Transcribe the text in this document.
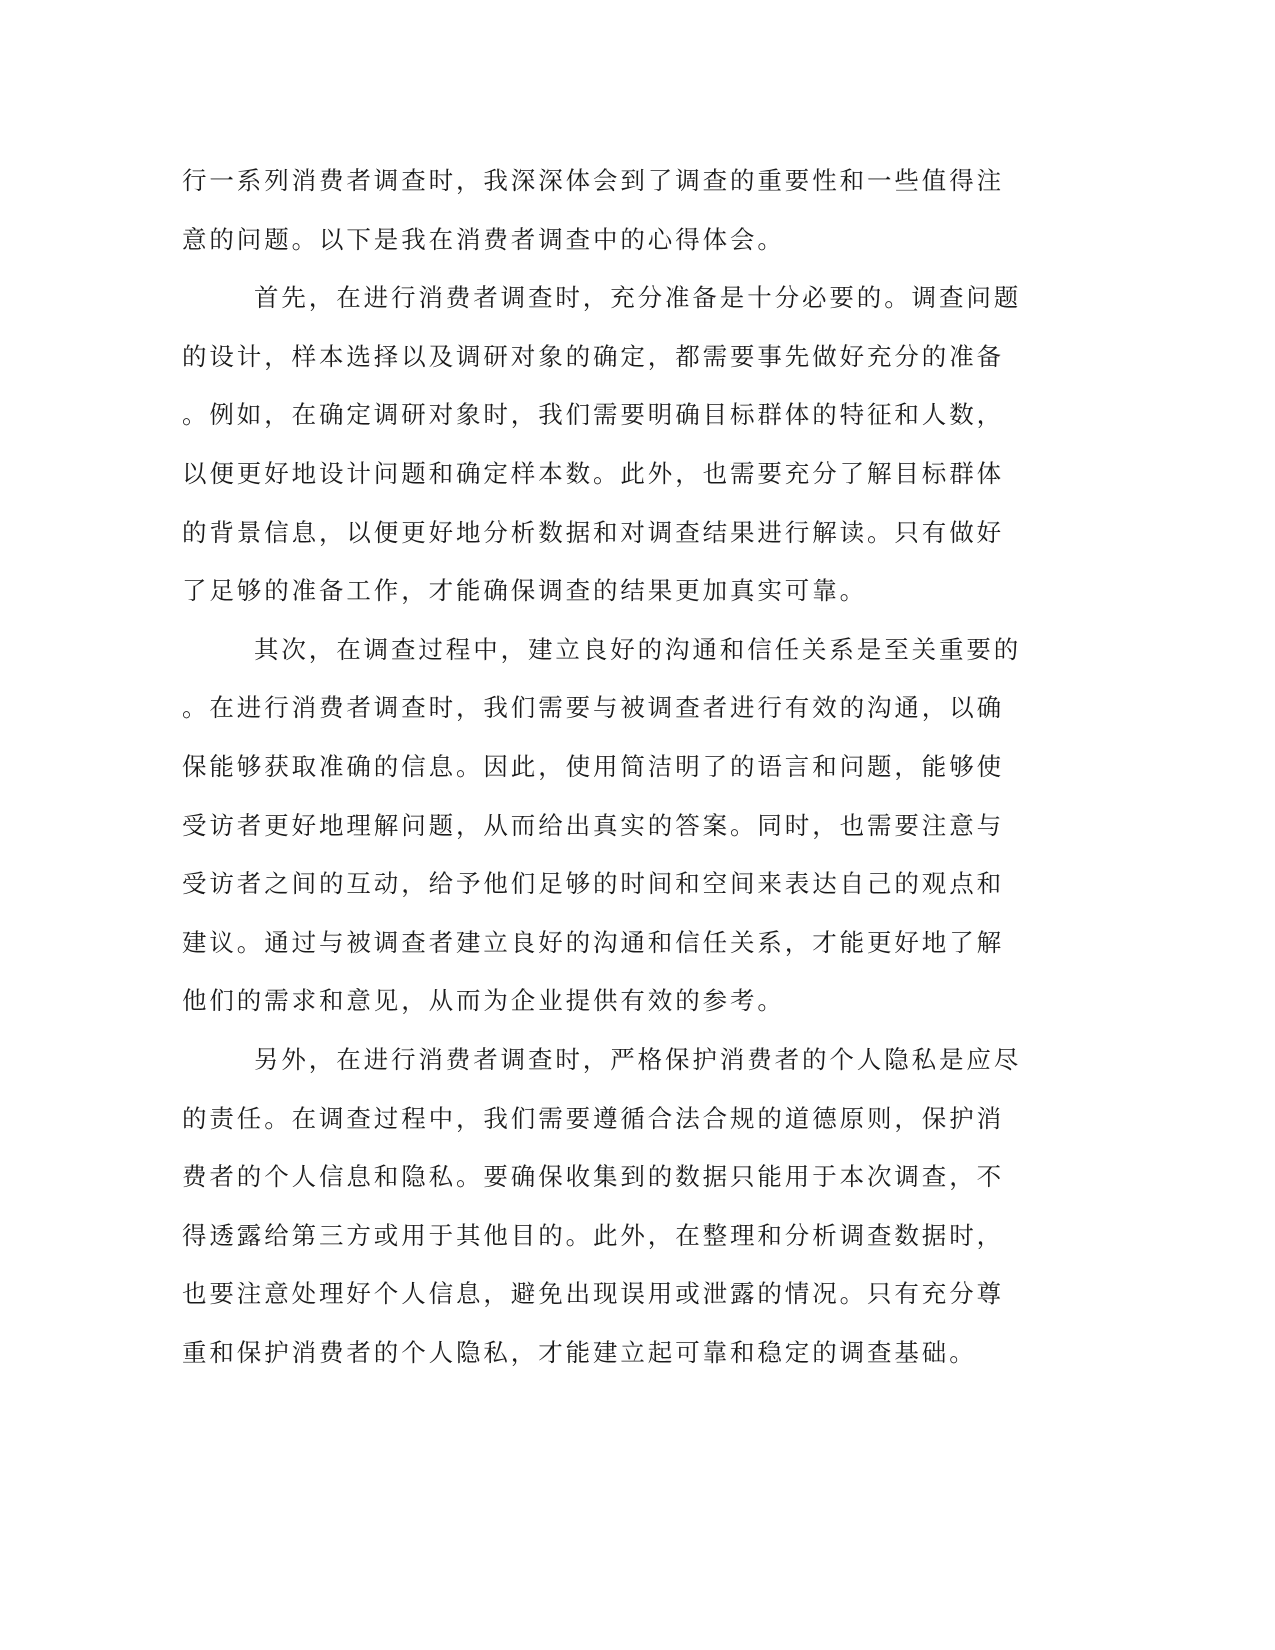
行一系列消费者调查时，我深深体会到了调查的重要性和一些值得注
意的问题。以下是我在消费者调查中的心得体会。
首先，在进行消费者调查时，充分准备是十分必要的。调查问题
的设计，样本选择以及调研对象的确定，都需要事先做好充分的准备
。例如，在确定调研对象时，我们需要明确目标群体的特征和人数，
以便更好地设计问题和确定样本数。此外，也需要充分了解目标群体
的背景信息，以便更好地分析数据和对调查结果进行解读。只有做好
了足够的准备工作，才能确保调查的结果更加真实可靠。
其次，在调查过程中，建立良好的沟通和信任关系是至关重要的
。在进行消费者调查时，我们需要与被调查者进行有效的沟通，以确
保能够获取准确的信息。因此，使用简洁明了的语言和问题，能够使
受访者更好地理解问题，从而给出真实的答案。同时，也需要注意与
受访者之间的互动，给予他们足够的时间和空间来表达自己的观点和
建议。通过与被调查者建立良好的沟通和信任关系，才能更好地了解
他们的需求和意见，从而为企业提供有效的参考。
另外，在进行消费者调查时，严格保护消费者的个人隐私是应尽
的责任。在调查过程中，我们需要遵循合法合规的道德原则，保护消
费者的个人信息和隐私。要确保收集到的数据只能用于本次调查，不
得透露给第三方或用于其他目的。此外，在整理和分析调查数据时，
也要注意处理好个人信息，避免出现误用或泄露的情况。只有充分尊
重和保护消费者的个人隐私，才能建立起可靠和稳定的调查基础。
